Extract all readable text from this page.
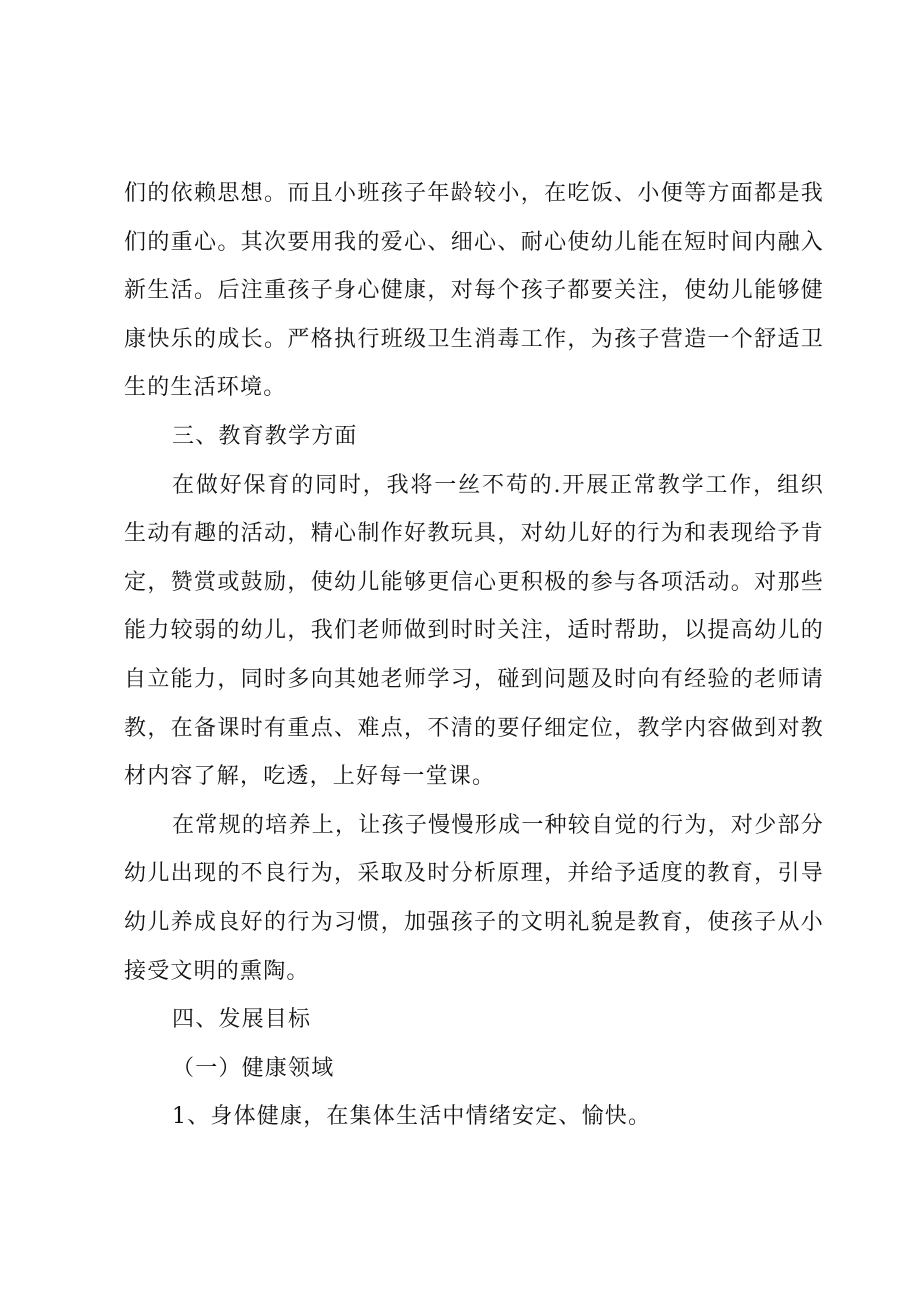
们的依赖思想。而且小班孩子年龄较小，在吃饭、小便等方面都是我们的重心。其次要用我的爱心、细心、耐心使幼儿能在短时间内融入新生活。后注重孩子身心健康，对每个孩子都要关注，使幼儿能够健康快乐的成长。严格执行班级卫生消毒工作，为孩子营造一个舒适卫生的生活环境。

三、教育教学方面

在做好保育的同时，我将一丝不苟的.开展正常教学工作，组织生动有趣的活动，精心制作好教玩具，对幼儿好的行为和表现给予肯定，赞赏或鼓励，使幼儿能够更信心更积极的参与各项活动。对那些能力较弱的幼儿，我们老师做到时时关注，适时帮助，以提高幼儿的自立能力，同时多向其她老师学习，碰到问题及时向有经验的老师请教，在备课时有重点、难点，不清的要仔细定位，教学内容做到对教材内容了解，吃透，上好每一堂课。

在常规的培养上，让孩子慢慢形成一种较自觉的行为，对少部分幼儿出现的不良行为，采取及时分析原理，并给予适度的教育，引导幼儿养成良好的行为习惯，加强孩子的文明礼貌是教育，使孩子从小接受文明的熏陶。

四、发展目标

（一）健康领域

1、身体健康，在集体生活中情绪安定、愉快。
